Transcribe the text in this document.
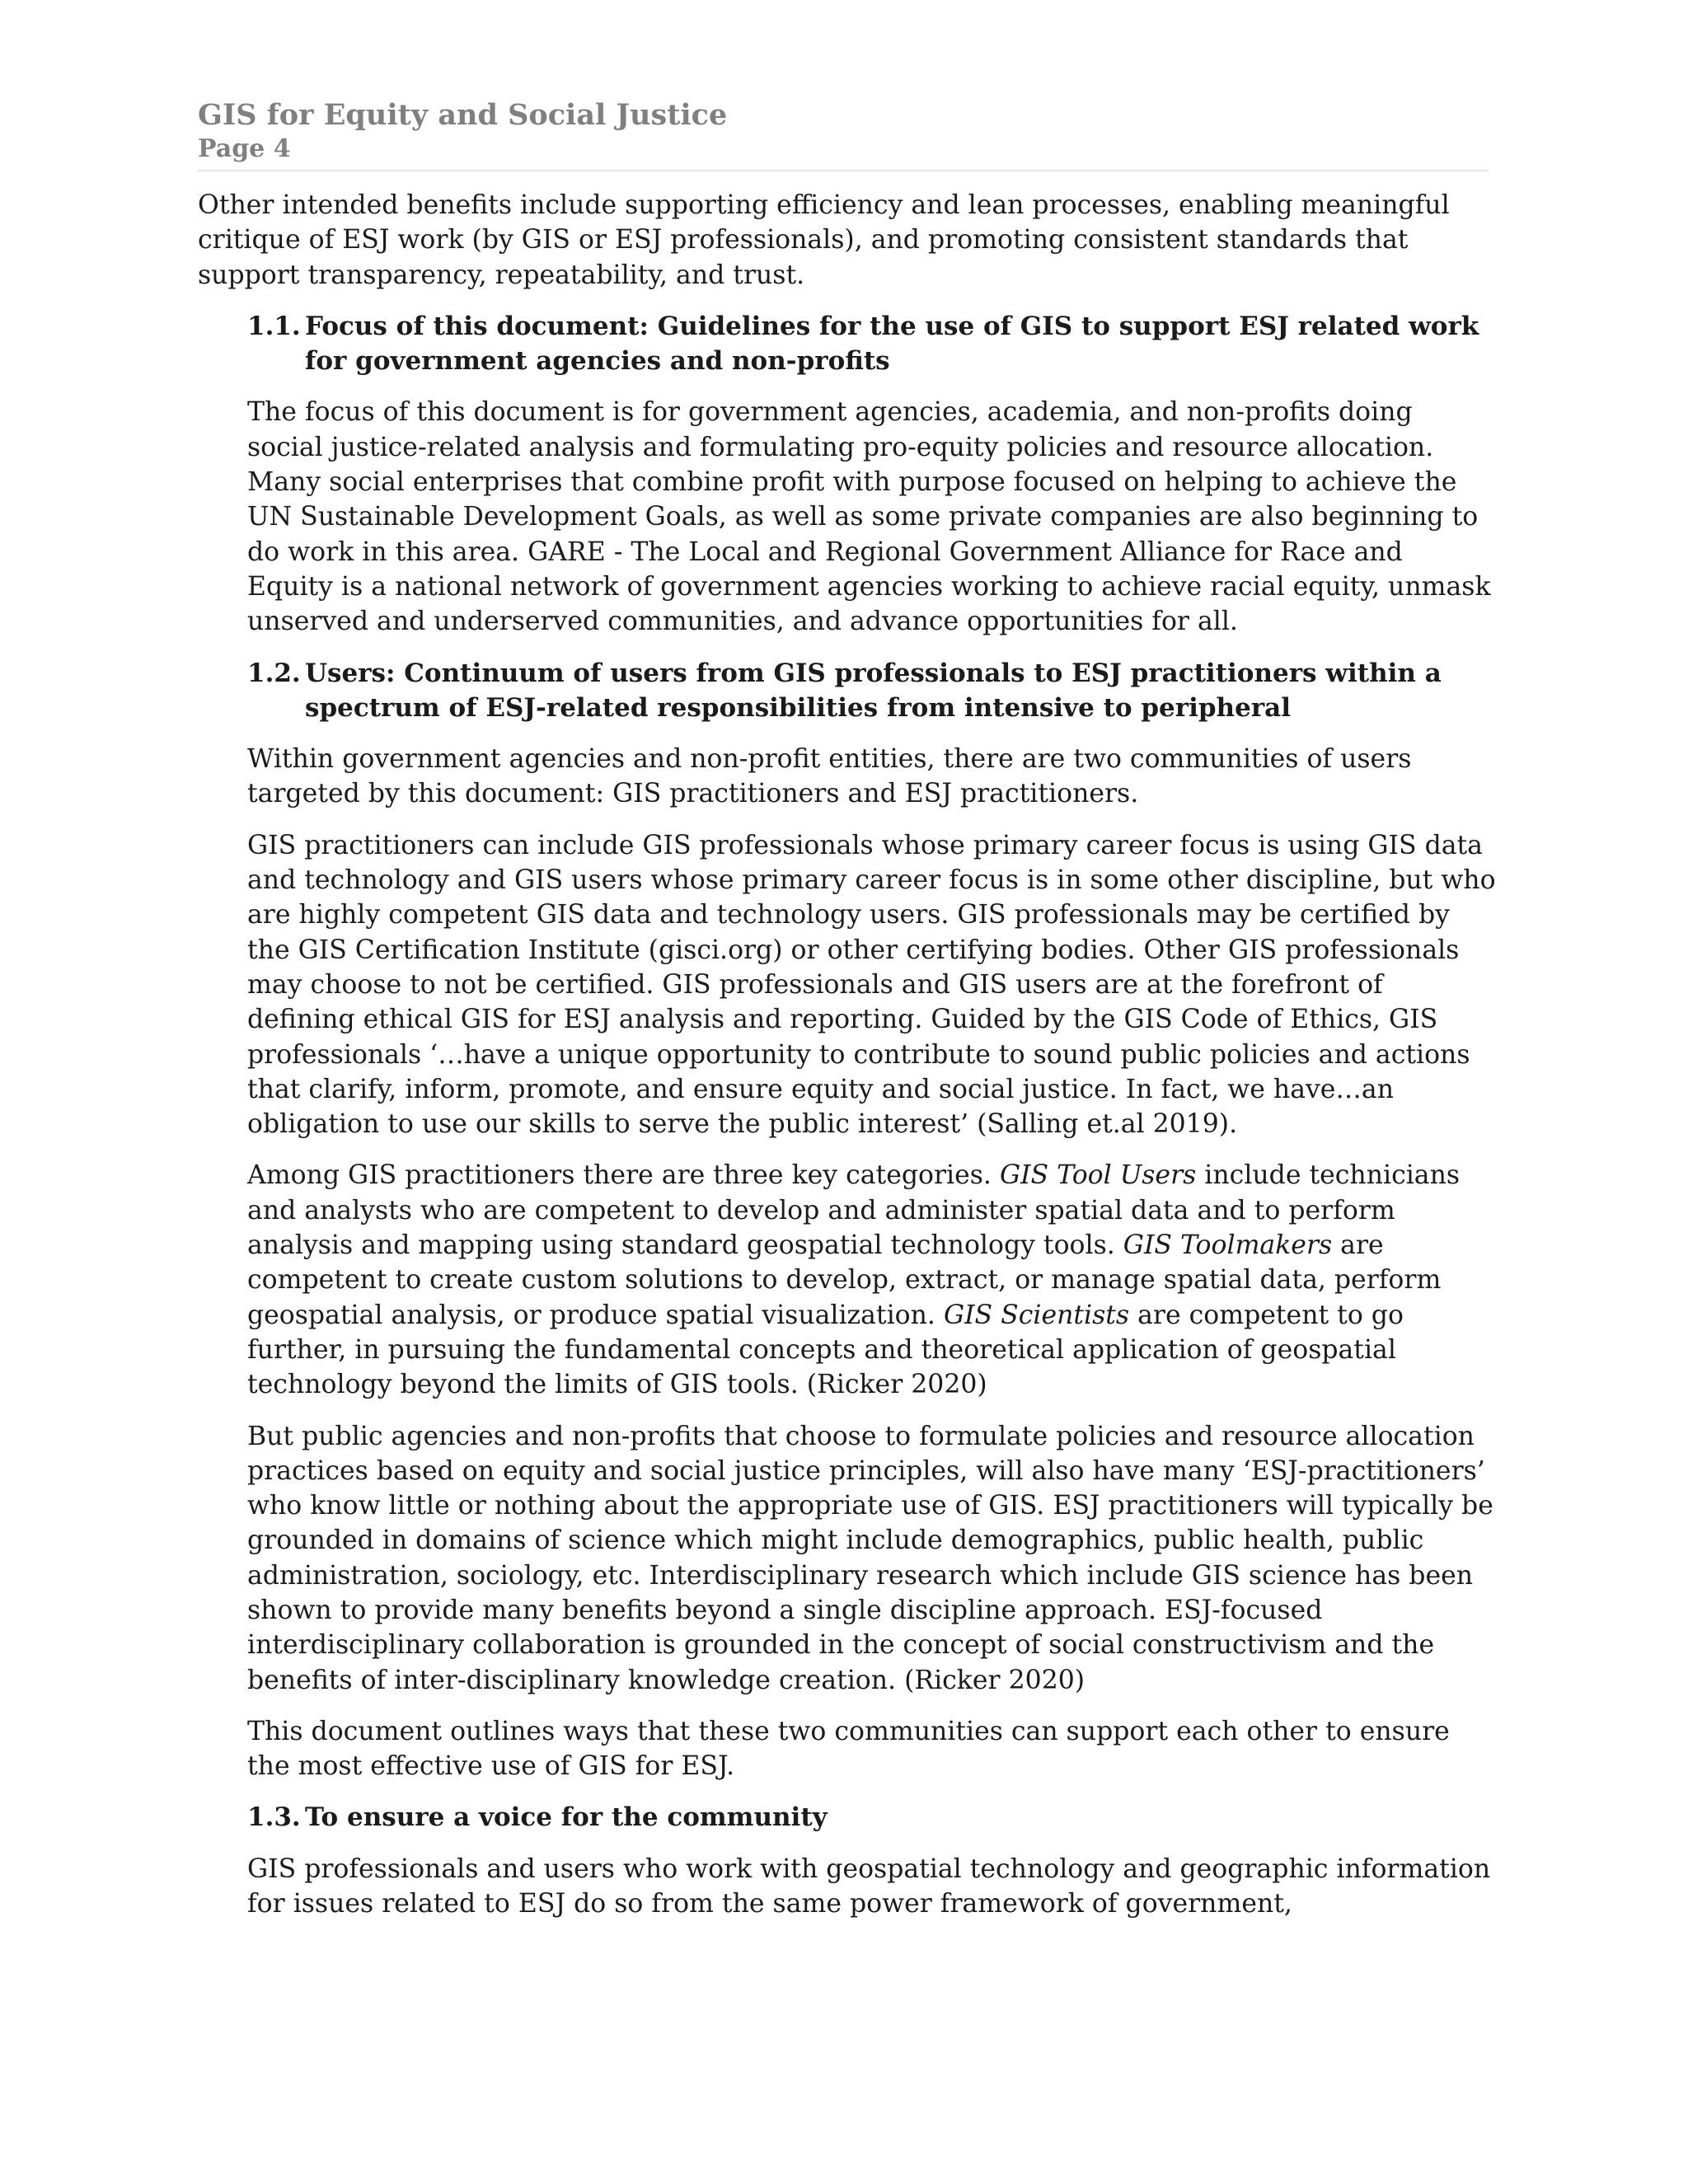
GIS for Equity and Social Justice
Page 4

Other intended benefits include supporting efficiency and lean processes, enabling meaningful critique of ESJ work (by GIS or ESJ professionals), and promoting consistent standards that support transparency, repeatability, and trust.

1.1. Focus of this document: Guidelines for the use of GIS to support ESJ related work for government agencies and non-profits

The focus of this document is for government agencies, academia, and non-profits doing social justice-related analysis and formulating pro-equity policies and resource allocation. Many social enterprises that combine profit with purpose focused on helping to achieve the UN Sustainable Development Goals, as well as some private companies are also beginning to do work in this area. GARE - The Local and Regional Government Alliance for Race and Equity is a national network of government agencies working to achieve racial equity, unmask unserved and underserved communities, and advance opportunities for all.

1.2. Users: Continuum of users from GIS professionals to ESJ practitioners within a spectrum of ESJ-related responsibilities from intensive to peripheral

Within government agencies and non-profit entities, there are two communities of users targeted by this document: GIS practitioners and ESJ practitioners.

GIS practitioners can include GIS professionals whose primary career focus is using GIS data and technology and GIS users whose primary career focus is in some other discipline, but who are highly competent GIS data and technology users. GIS professionals may be certified by the GIS Certification Institute (gisci.org) or other certifying bodies. Other GIS professionals may choose to not be certified. GIS professionals and GIS users are at the forefront of defining ethical GIS for ESJ analysis and reporting. Guided by the GIS Code of Ethics, GIS professionals ‘…have a unique opportunity to contribute to sound public policies and actions that clarify, inform, promote, and ensure equity and social justice. In fact, we have…an obligation to use our skills to serve the public interest’ (Salling et.al 2019).

Among GIS practitioners there are three key categories. GIS Tool Users include technicians and analysts who are competent to develop and administer spatial data and to perform analysis and mapping using standard geospatial technology tools. GIS Toolmakers are competent to create custom solutions to develop, extract, or manage spatial data, perform geospatial analysis, or produce spatial visualization. GIS Scientists are competent to go further, in pursuing the fundamental concepts and theoretical application of geospatial technology beyond the limits of GIS tools. (Ricker 2020)

But public agencies and non-profits that choose to formulate policies and resource allocation practices based on equity and social justice principles, will also have many ‘ESJ-practitioners’ who know little or nothing about the appropriate use of GIS. ESJ practitioners will typically be grounded in domains of science which might include demographics, public health, public administration, sociology, etc. Interdisciplinary research which include GIS science has been shown to provide many benefits beyond a single discipline approach. ESJ-focused interdisciplinary collaboration is grounded in the concept of social constructivism and the benefits of inter-disciplinary knowledge creation. (Ricker 2020)

This document outlines ways that these two communities can support each other to ensure the most effective use of GIS for ESJ.

1.3. To ensure a voice for the community

GIS professionals and users who work with geospatial technology and geographic information for issues related to ESJ do so from the same power framework of government,
